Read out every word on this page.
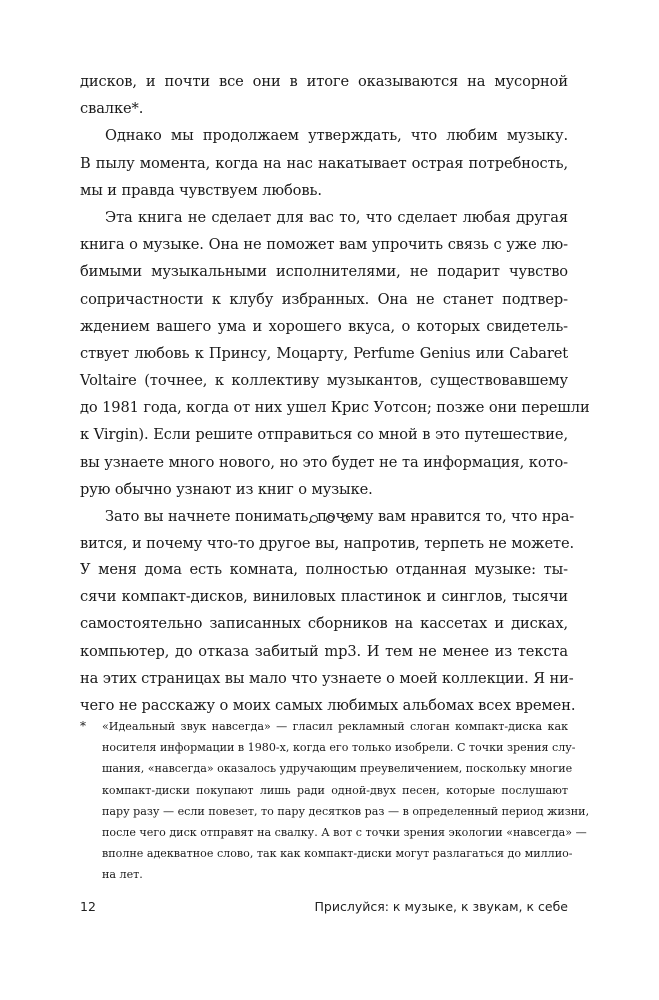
дисков, и почти все они в итоге оказываются на мусорной
свалке*.
Однако мы продолжаем утверждать, что любим музыку.
В пылу момента, когда на нас накатывает острая потребность,
мы и правда чувствуем любовь.
Эта книга не сделает для вас то, что сделает любая другая
книга о музыке. Она не поможет вам упрочить связь с уже лю-
бимыми музыкальными исполнителями, не подарит чувство
сопричастности к клубу избранных. Она не станет подтвер-
ждением вашего ума и хорошего вкуса, о которых свидетель-
ствует любовь к Принсу, Моцарту, Perfume Genius или Cabaret
Voltaire (точнее, к коллективу музыкантов, существовавшему
до 1981 года, когда от них ушел Крис Уотсон; позже они перешли
к Virgin). Если решите отправиться со мной в это путешествие,
вы узнаете много нового, но это будет не та информация, кото-
рую обычно узнают из книг о музыке.
Зато вы начнете понимать, почему вам нравится то, что нра-
вится, и почему что-то другое вы, напротив, терпеть не можете.
У меня дома есть комната, полностью отданная музыке: ты-
сячи компакт-дисков, виниловых пластинок и синглов, тысячи
самостоятельно записанных сборников на кассетах и дисках,
компьютер, до отказа забитый mp3. И тем не менее из текста
на этих страницах вы мало что узнаете о моей коллекции. Я ни-
чего не расскажу о моих самых любимых альбомах всех времен.
*	«Идеальный звук навсегда» — гласил рекламный слоган компакт-диска как
носителя информации в 1980-х, когда его только изобрели. С точки зрения слу-
шания, «навсегда» оказалось удручающим преувеличением, поскольку многие
компакт-диски покупают лишь ради одной-двух песен, которые послушают
пару разу — если повезет, то пару десятков раз — в определенный период жизни,
после чего диск отправят на свалку. А вот с точки зрения экологии «навсегда» —
вполне адекватное слово, так как компакт-диски могут разлагаться до миллио-
на лет.
12	Прислуйся: к музыке, к звукам, к себе
